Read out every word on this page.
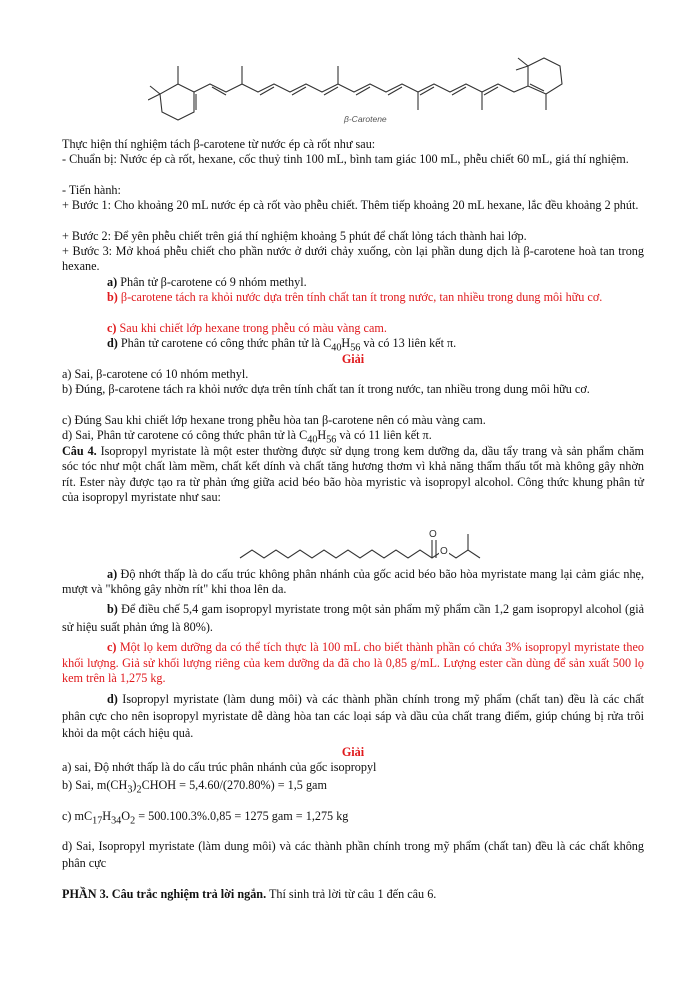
β-Carotene
Thực hiện thí nghiệm tách β-carotene từ nước ép cà rốt như sau:
- Chuẩn bị: Nước ép cà rốt, hexane, cốc thuỷ tinh 100 mL, bình tam giác 100 mL, phễu chiết 60 mL, giá thí nghiệm.
- Tiến hành:
+ Bước 1: Cho khoảng 20 mL nước ép cà rốt vào phễu chiết. Thêm tiếp khoảng 20 mL hexane, lắc đều khoảng 2 phút.
+ Bước 2: Để yên phễu chiết trên giá thí nghiệm khoảng 5 phút để chất lỏng tách thành hai lớp.
+ Bước 3: Mở khoá phễu chiết cho phần nước ở dưới chảy xuống, còn lại phần dung dịch là β-carotene hoà tan trong hexane.
a) Phân tử β-carotene có 9 nhóm methyl.
b) β-carotene tách ra khỏi nước dựa trên tính chất tan ít trong nước, tan nhiều trong dung môi hữu cơ.
c) Sau khi chiết lớp hexane trong phễu có màu vàng cam.
d) Phân tử carotene có công thức phân tử là $C_{40}H_{56}$ và có 13 liên kết π.
Giải
a) Sai, β-carotene có 10 nhóm methyl.
b) Đúng, β-carotene tách ra khỏi nước dựa trên tính chất tan ít trong nước, tan nhiều trong dung môi hữu cơ.
c) Đúng Sau khi chiết lớp hexane trong phễu hòa tan β-carotene nên có màu vàng cam.
d) Sai, Phân tử carotene có công thức phân tử là $C_{40}H_{56}$ và có 11 liên kết π.
Câu 4. Isopropyl myristate là một ester thường được sử dụng trong kem dưỡng da, dầu tẩy trang và sản phẩm chăm sóc tóc như một chất làm mềm, chất kết dính và chất tăng hương thơm vì khả năng thẩm thấu tốt mà không gây nhờn rít. Ester này được tạo ra từ phản ứng giữa acid béo bão hòa myristic và isopropyl alcohol. Công thức khung phân tử của isopropyl myristate như sau:
O
O
a) Độ nhớt thấp là do cấu trúc không phân nhánh của gốc acid béo bão hòa myristate mang lại cảm giác nhẹ, mượt và "không gây nhờn rít" khi thoa lên da.
b) Để điều chế 5,4 gam isopropyl myristate trong một sản phẩm mỹ phẩm cần 1,2 gam isopropyl alcohol (giả sử hiệu suất phản ứng là 80%).
c) Một lọ kem dưỡng da có thể tích thực là 100 mL cho biết thành phần có chứa 3% isopropyl myristate theo khối lượng. Giả sử khối lượng riêng của kem dưỡng da đã cho là 0,85 g/mL. Lượng ester cần dùng để sản xuất 500 lọ kem trên là 1,275 kg.
d) Isopropyl myristate (làm dung môi) và các thành phần chính trong mỹ phẩm (chất tan) đều là các chất phân cực cho nên isopropyl myristate dễ dàng hòa tan các loại sáp và dầu của chất trang điểm, giúp chúng bị rửa trôi khỏi da một cách hiệu quả.
Giải
a) sai, Độ nhớt thấp là do cấu trúc phân nhánh của gốc isopropyl
b) Sai, $m(CH_3)_2CHOH = 5,4.60/(270.80\%) = 1,5$ gam
c) $mC_{17}H_{34}O_2 = 500.100.3\%.0,85 = 1275$ gam = 1,275 kg
d) Sai, Isopropyl myristate (làm dung môi) và các thành phần chính trong mỹ phẩm (chất tan) đều là các chất không phân cực
PHẦN 3. Câu trắc nghiệm trả lời ngắn. Thí sinh trả lời từ câu 1 đến câu 6.
